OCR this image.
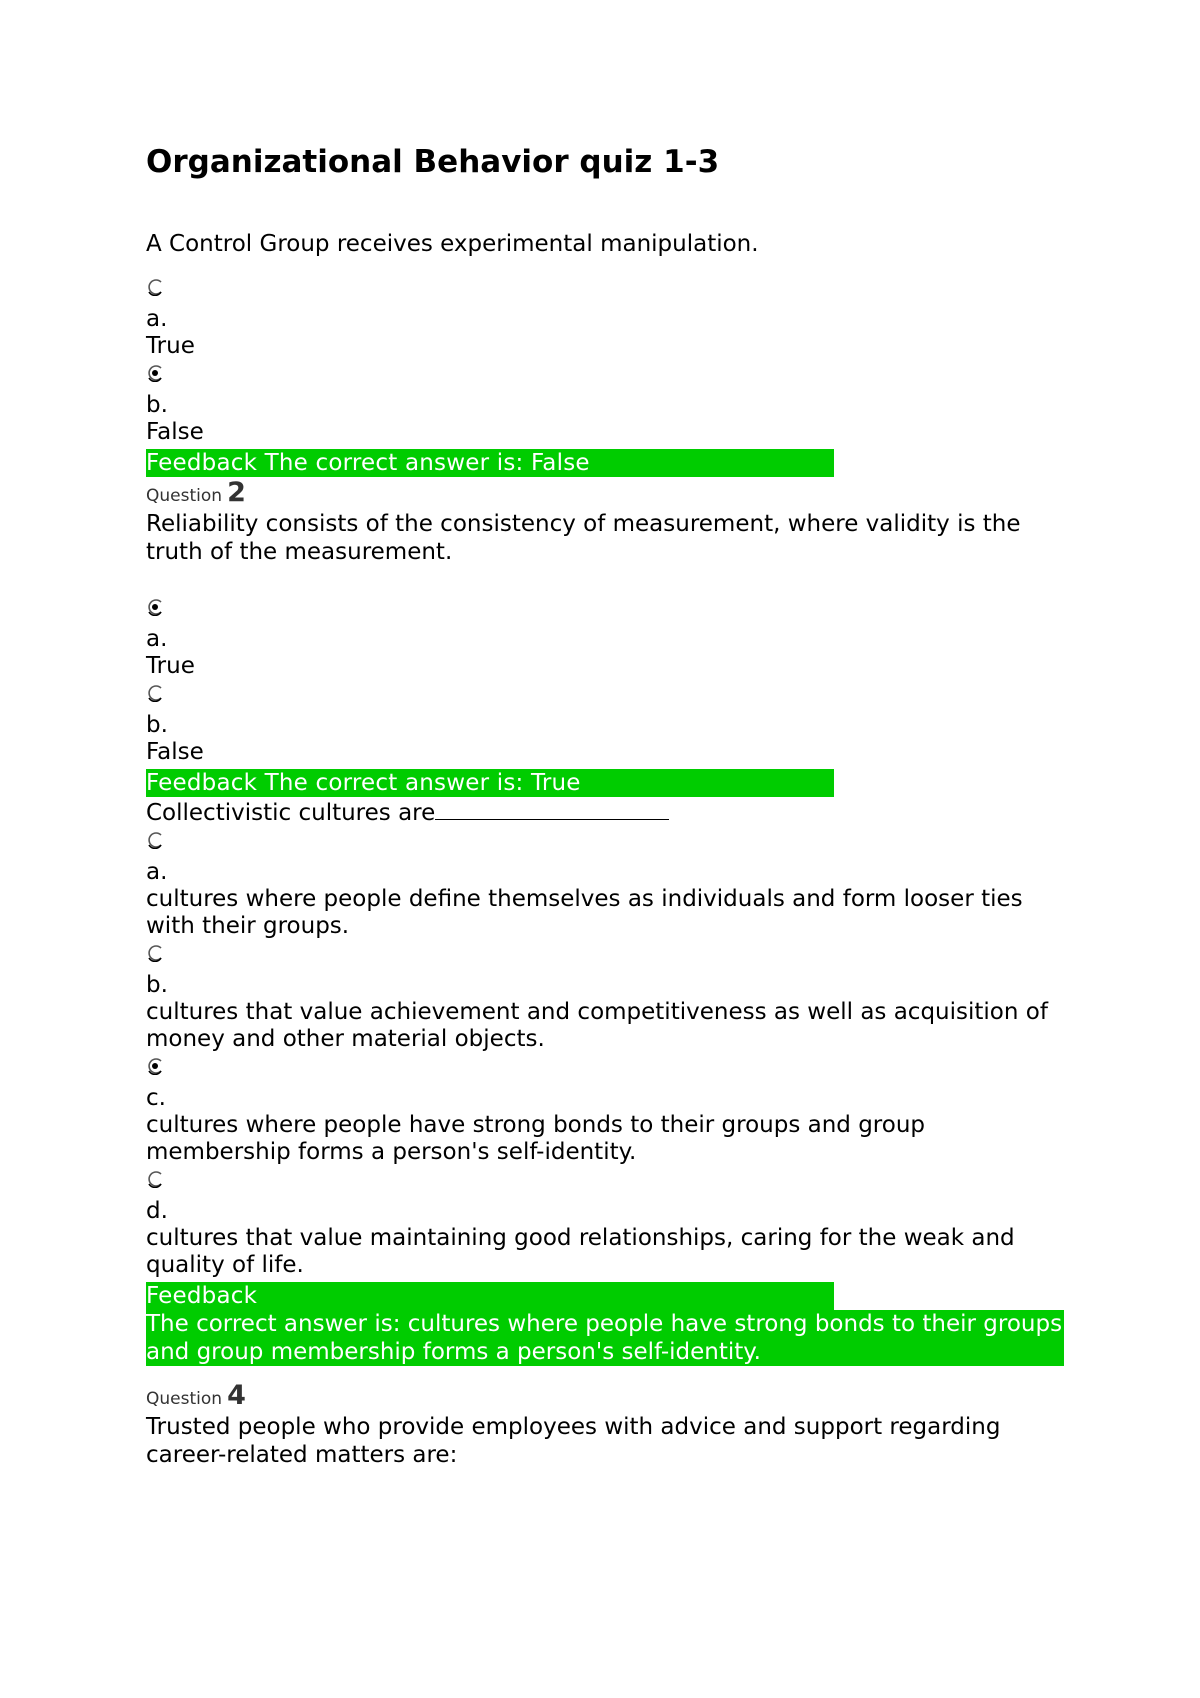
Organizational Behavior quiz 1-3

A Control Group receives experimental manipulation.

a.

True

b.

False

Feedback The correct answer is: False

Question 2

Reliability consists of the consistency of measurement, where validity is the truth of the measurement.

a.

True

b.

False

Feedback The correct answer is: True

Collectivistic cultures are

a.

cultures where people define themselves as individuals and form looser ties with their groups.

b.

cultures that value achievement and competitiveness as well as acquisition of money and other material objects.

c.

cultures where people have strong bonds to their groups and group membership forms a person's self-identity.

d.

cultures that value maintaining good relationships, caring for the weak and quality of life.

Feedback

The correct answer is: cultures where people have strong bonds to their groups and group membership forms a person's self-identity.

Question 4

Trusted people who provide employees with advice and support regarding career-related matters are:
